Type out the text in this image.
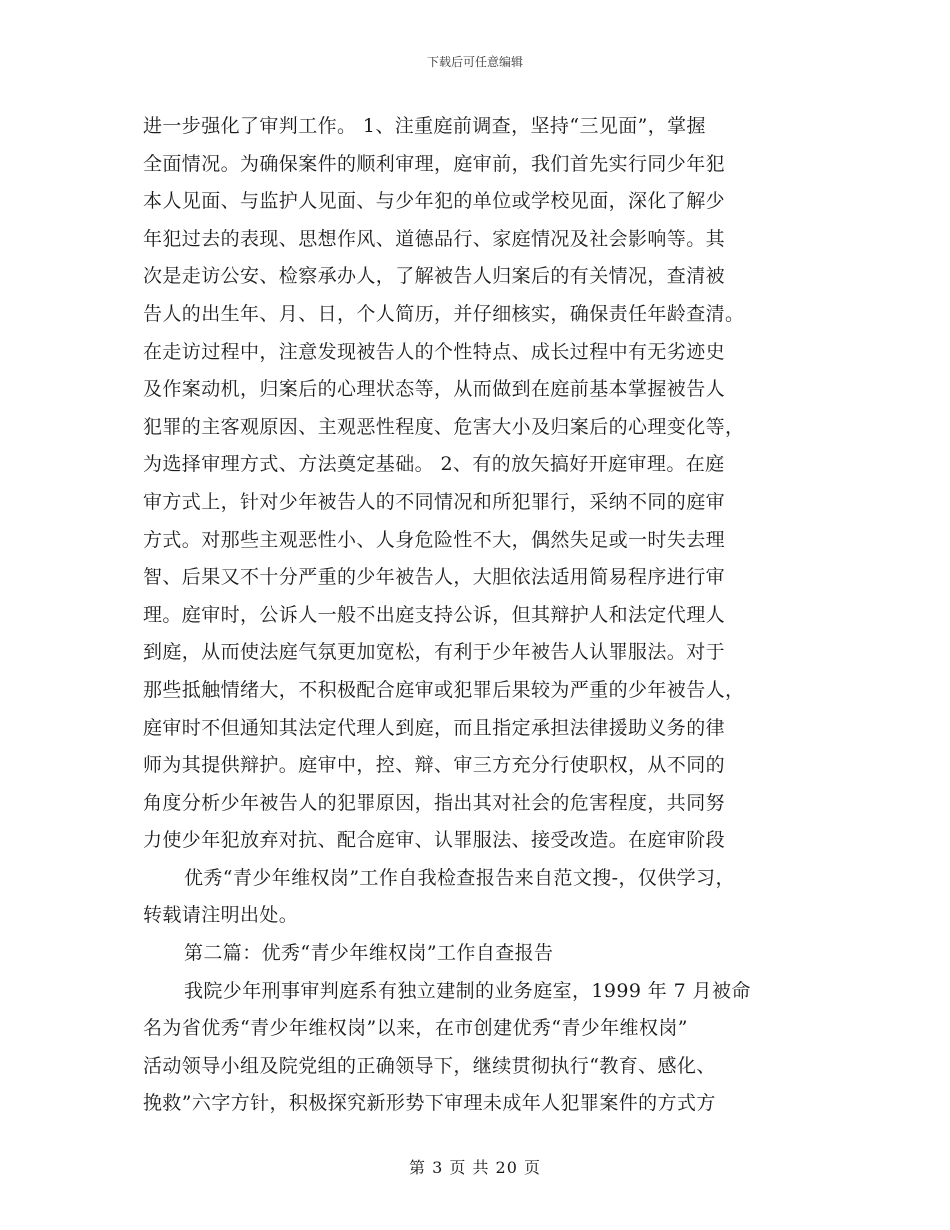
下载后可任意编辑
进一步强化了审判工作。 1、注重庭前调查，坚持“三见面”，掌握
全面情况。为确保案件的顺利审理，庭审前，我们首先实行同少年犯
本人见面、与监护人见面、与少年犯的单位或学校见面，深化了解少
年犯过去的表现、思想作风、道德品行、家庭情况及社会影响等。其
次是走访公安、检察承办人，了解被告人归案后的有关情况，查清被
告人的出生年、月、日，个人简历，并仔细核实，确保责任年龄查清。
在走访过程中，注意发现被告人的个性特点、成长过程中有无劣迹史
及作案动机，归案后的心理状态等，从而做到在庭前基本掌握被告人
犯罪的主客观原因、主观恶性程度、危害大小及归案后的心理变化等，
为选择审理方式、方法奠定基础。 2、有的放矢搞好开庭审理。在庭
审方式上，针对少年被告人的不同情况和所犯罪行，采纳不同的庭审
方式。对那些主观恶性小、人身危险性不大，偶然失足或一时失去理
智、后果又不十分严重的少年被告人，大胆依法适用简易程序进行审
理。庭审时，公诉人一般不出庭支持公诉，但其辩护人和法定代理人
到庭，从而使法庭气氛更加宽松，有利于少年被告人认罪服法。对于
那些抵触情绪大，不积极配合庭审或犯罪后果较为严重的少年被告人，
庭审时不但通知其法定代理人到庭，而且指定承担法律援助义务的律
师为其提供辩护。庭审中，控、辩、审三方充分行使职权，从不同的
角度分析少年被告人的犯罪原因，指出其对社会的危害程度，共同努
力使少年犯放弃对抗、配合庭审、认罪服法、接受改造。在庭审阶段
优秀“青少年维权岗”工作自我检查报告来自范文搜-，仅供学习，
转载请注明出处。
第二篇：优秀“青少年维权岗”工作自查报告
我院少年刑事审判庭系有独立建制的业务庭室，1999 年 7 月被命
名为省优秀“青少年维权岗”以来，在市创建优秀“青少年维权岗”
活动领导小组及院党组的正确领导下，继续贯彻执行“教育、感化、
挽救”六字方针，积极探究新形势下审理未成年人犯罪案件的方式方
第 3 页 共 20 页
